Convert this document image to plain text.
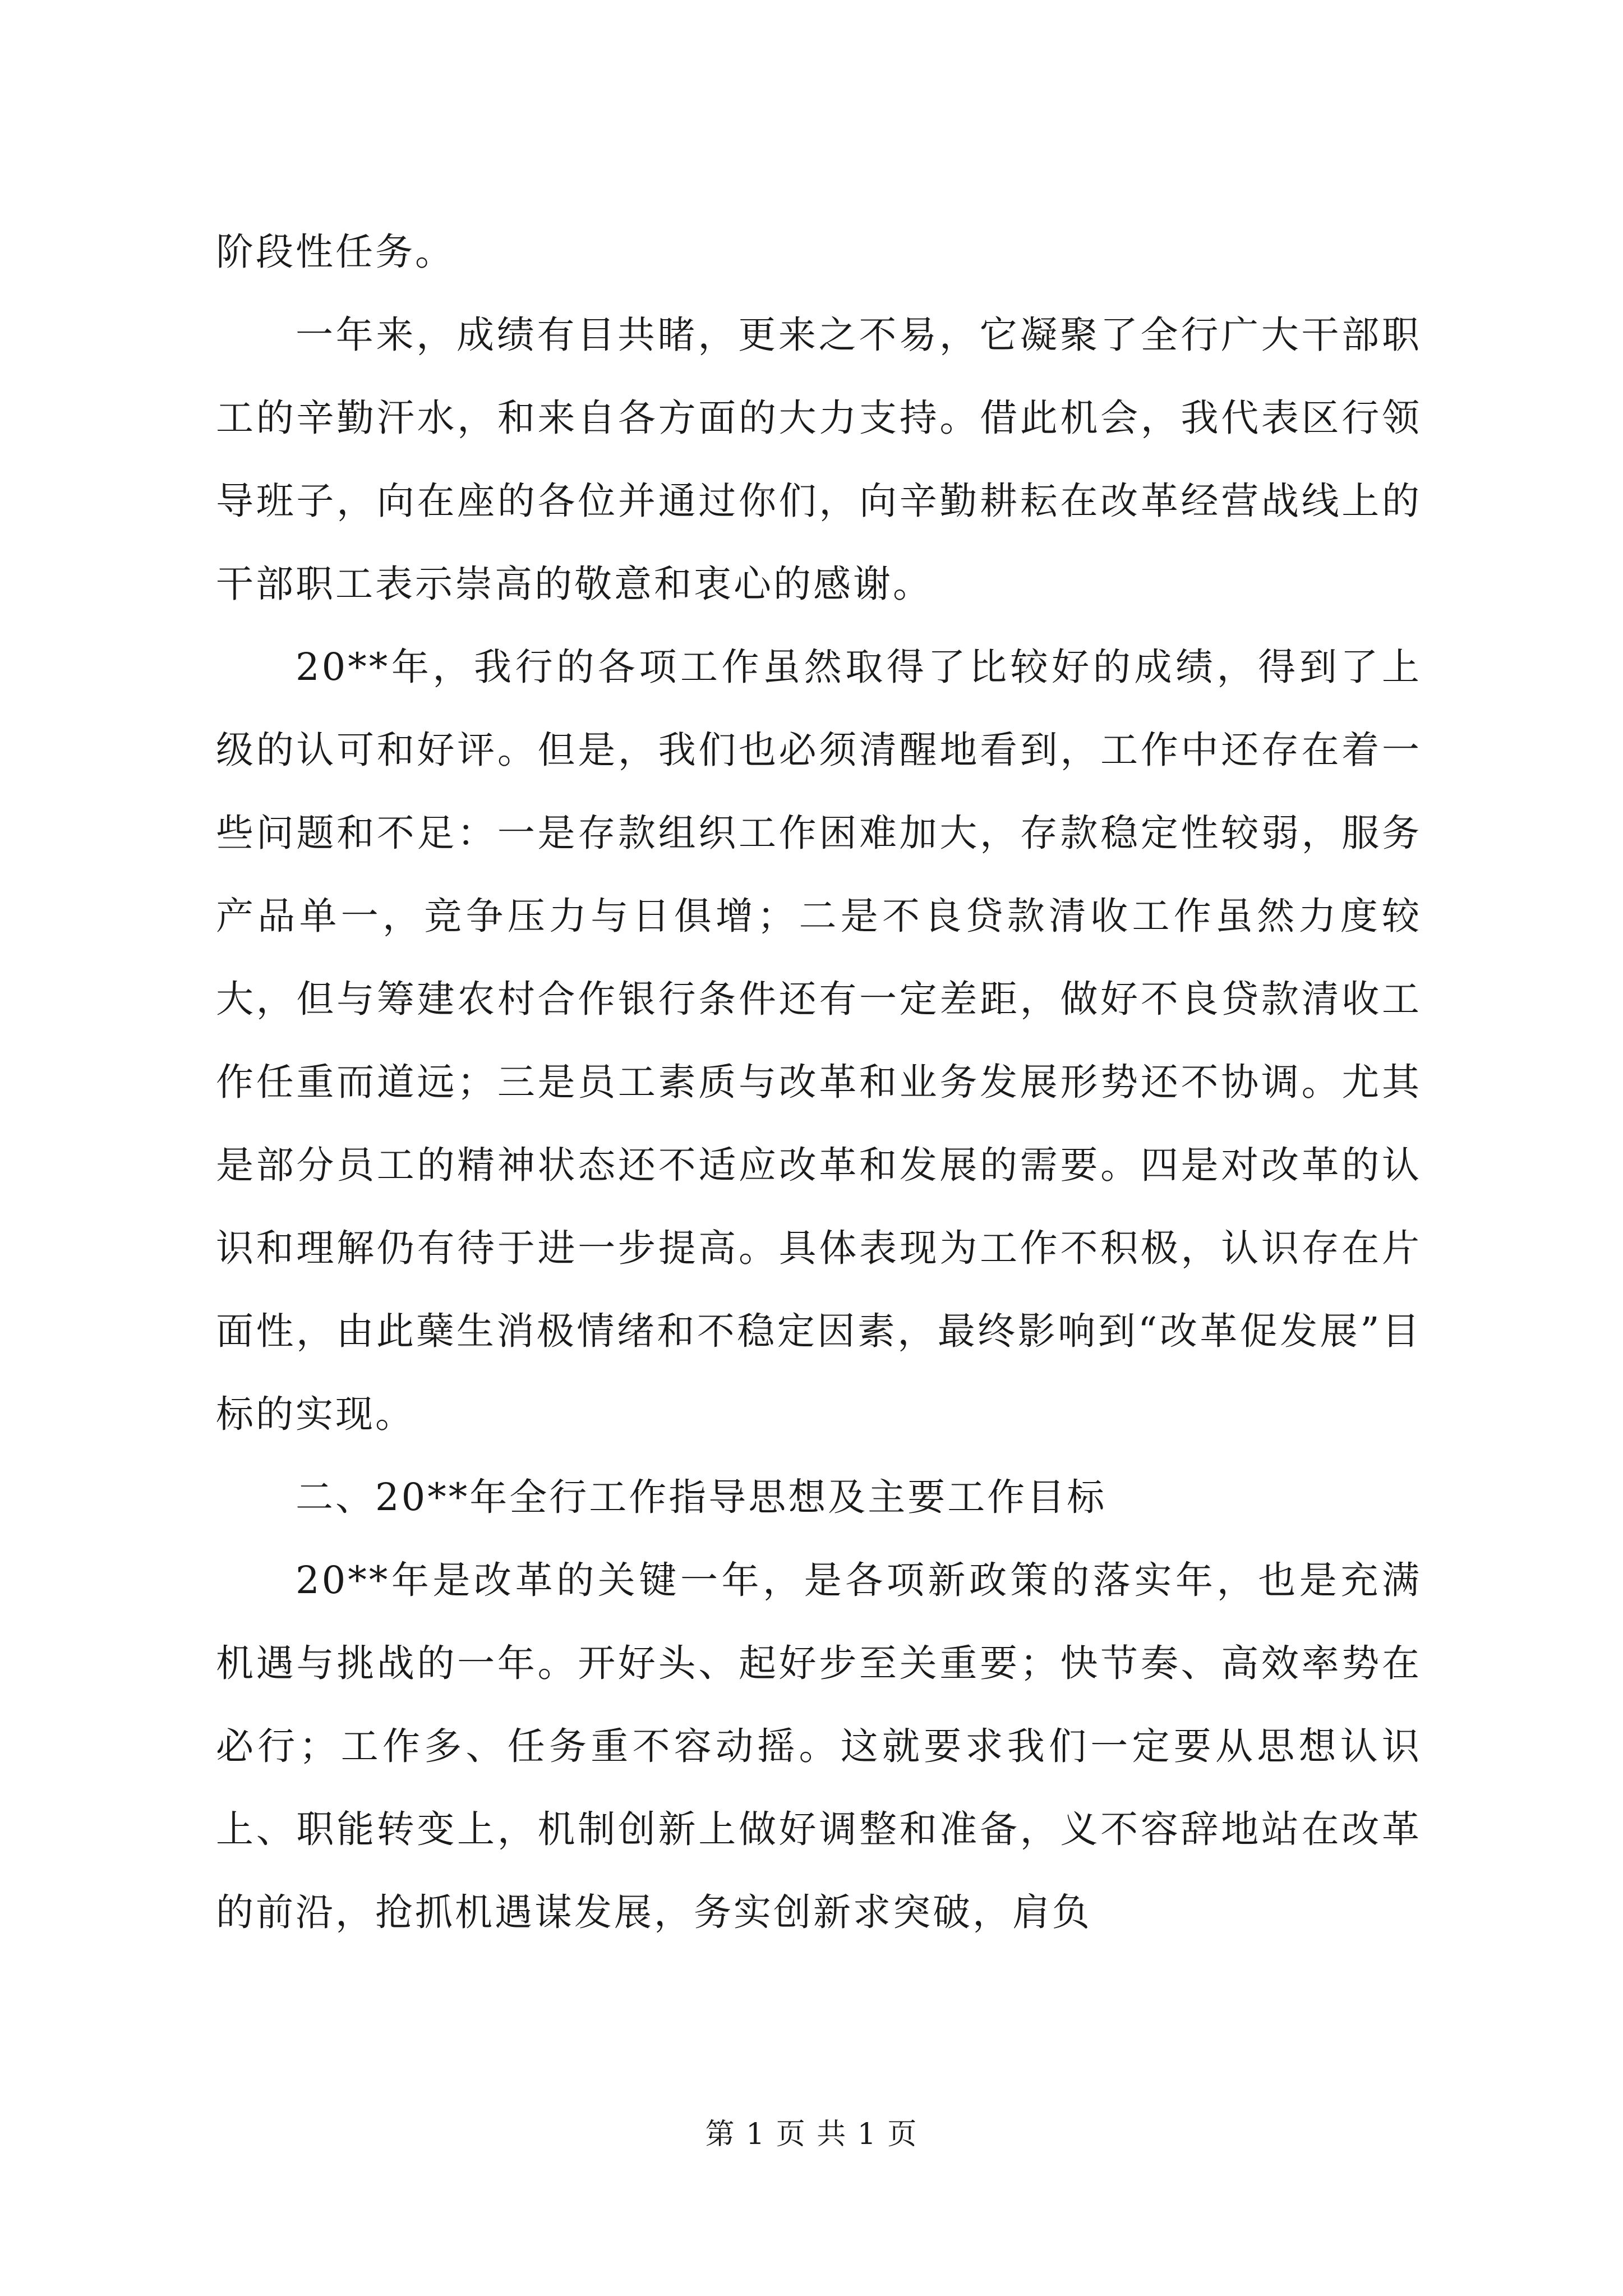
阶段性任务。

一年来，成绩有目共睹，更来之不易，它凝聚了全行广大干部职工的辛勤汗水，和来自各方面的大力支持。借此机会，我代表区行领导班子，向在座的各位并通过你们，向辛勤耕耘在改革经营战线上的干部职工表示崇高的敬意和衷心的感谢。

20**年，我行的各项工作虽然取得了比较好的成绩，得到了上级的认可和好评。但是，我们也必须清醒地看到，工作中还存在着一些问题和不足：一是存款组织工作困难加大，存款稳定性较弱，服务产品单一，竞争压力与日俱增；二是不良贷款清收工作虽然力度较大，但与筹建农村合作银行条件还有一定差距，做好不良贷款清收工作任重而道远；三是员工素质与改革和业务发展形势还不协调。尤其是部分员工的精神状态还不适应改革和发展的需要。四是对改革的认识和理解仍有待于进一步提高。具体表现为工作不积极，认识存在片面性，由此蘖生消极情绪和不稳定因素，最终影响到“改革促发展”目标的实现。

二、20**年全行工作指导思想及主要工作目标

20**年是改革的关键一年，是各项新政策的落实年，也是充满机遇与挑战的一年。开好头、起好步至关重要；快节奏、高效率势在必行；工作多、任务重不容动摇。这就要求我们一定要从思想认识上、职能转变上，机制创新上做好调整和准备，义不容辞地站在改革的前沿，抢抓机遇谋发展，务实创新求突破，肩负

第 1 页 共 1 页
